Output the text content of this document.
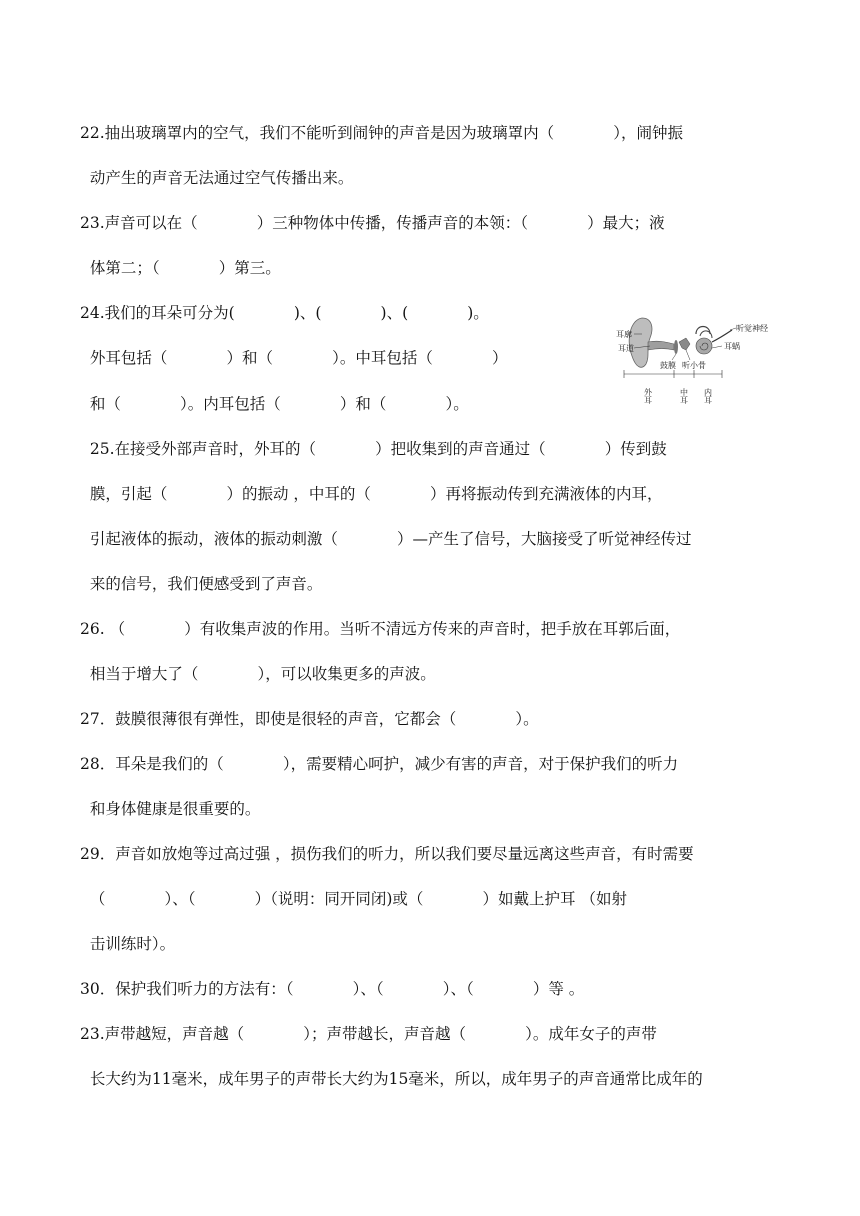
22.抽出玻璃罩内的空气，我们不能听到闹钟的声音是因为玻璃罩内（            ），闹钟振
动产生的声音无法通过空气传播出来。
23.声音可以在（            ）三种物体中传播，传播声音的本领：（            ）最大；液
体第二；（            ）第三。
24.我们的耳朵可分为(            )、(            )、(            )。
外耳包括（            ）和（            ）。中耳包括（            ）
和（            ）。内耳包括（            ）和（            ）。
25.在接受外部声音时，外耳的（            ）把收集到的声音通过（            ）传到鼓
膜，引起（            ）的振动 ，中耳的（            ）再将振动传到充满液体的内耳，
引起液体的振动，液体的振动刺激（            ）—产生了信号，大脑接受了听觉神经传过
来的信号，我们便感受到了声音。
26. （            ）有收集声波的作用。当听不清远方传来的声音时，把手放在耳郭后面，
相当于增大了（            ），可以收集更多的声波。
27．鼓膜很薄很有弹性，即使是很轻的声音，它都会（            ）。
28．耳朵是我们的（            ），需要精心呵护，减少有害的声音，对于保护我们的听力
和身体健康是很重要的。
29．声音如放炮等过高过强 ，损伤我们的听力，所以我们要尽量远离这些声音，有时需要
（            ）、（            ）（说明：同开同闭)或（            ）如戴上护耳 （如射
击训练时）。
30．保护我们听力的方法有：（            ）、（            ）、（            ）等 。
23.声带越短，声音越（            ）；声带越长，声音越（            ）。成年女子的声带
长大约为11毫米，成年男子的声带长大约为15毫米，所以，成年男子的声音通常比成年的
耳廓
耳道
鼓膜 听小骨
听觉神经
耳蜗
外耳	中耳 内耳
